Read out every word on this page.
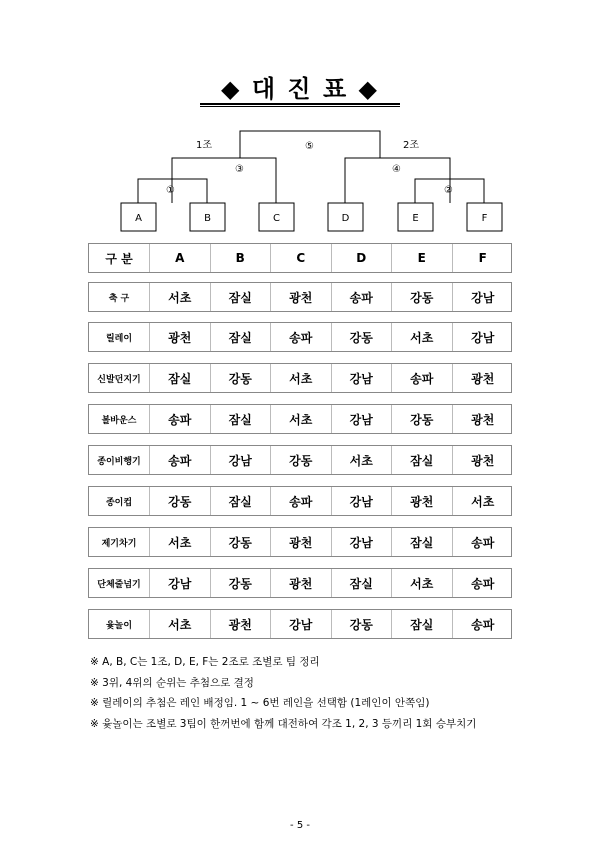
◆ 대 진 표 ◆
1조	2조
⑤
③	④
①	②
A	B	C	D	E	F
구 분	A	B	C	D	E	F
축 구	서초	잠실	광천	송파	강동	강남
릴레이	광천	잠실	송파	강동	서초	강남
신발던지기	잠실	강동	서초	강남	송파	광천
볼바운스	송파	잠실	서초	강남	강동	광천
종이비행기	송파	강남	강동	서초	잠실	광천
종이컵	강동	잠실	송파	강남	광천	서초
제기차기	서초	강동	광천	강남	잠실	송파
단체줄넘기	강남	강동	광천	잠실	서초	송파
윷놀이	서초	광천	강남	강동	잠실	송파
※ A, B, C는 1조, D, E, F는 2조로 조별로 팀 정리
※ 3위, 4위의 순위는 추첨으로 결정
※ 릴레이의 추첨은 레인 배정임. 1 ~ 6번 레인을 선택함 (1레인이 안쪽임)
※ 윷놀이는 조별로 3팀이 한꺼번에 함께 대전하여 각조 1, 2, 3 등끼리 1회 승부치기
- 5 -
